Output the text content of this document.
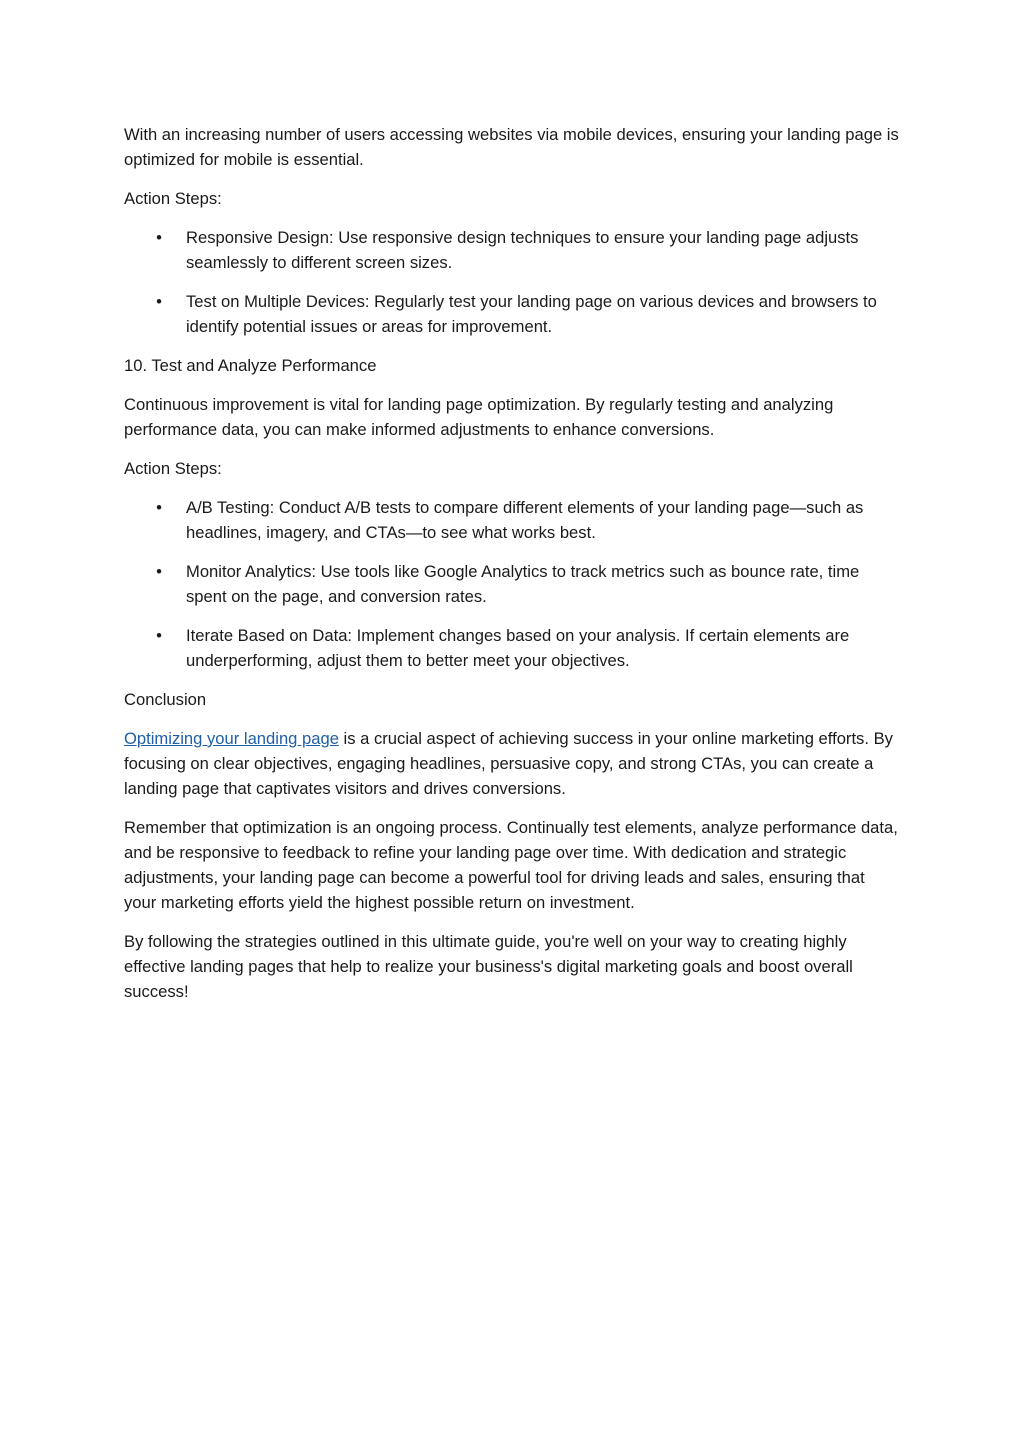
With an increasing number of users accessing websites via mobile devices, ensuring your landing page is optimized for mobile is essential.

Action Steps:

• Responsive Design: Use responsive design techniques to ensure your landing page adjusts seamlessly to different screen sizes.
• Test on Multiple Devices: Regularly test your landing page on various devices and browsers to identify potential issues or areas for improvement.

10. Test and Analyze Performance

Continuous improvement is vital for landing page optimization. By regularly testing and analyzing performance data, you can make informed adjustments to enhance conversions.

Action Steps:

• A/B Testing: Conduct A/B tests to compare different elements of your landing page—such as headlines, imagery, and CTAs—to see what works best.
• Monitor Analytics: Use tools like Google Analytics to track metrics such as bounce rate, time spent on the page, and conversion rates.
• Iterate Based on Data: Implement changes based on your analysis. If certain elements are underperforming, adjust them to better meet your objectives.

Conclusion

Optimizing your landing page is a crucial aspect of achieving success in your online marketing efforts. By focusing on clear objectives, engaging headlines, persuasive copy, and strong CTAs, you can create a landing page that captivates visitors and drives conversions.

Remember that optimization is an ongoing process. Continually test elements, analyze performance data, and be responsive to feedback to refine your landing page over time. With dedication and strategic adjustments, your landing page can become a powerful tool for driving leads and sales, ensuring that your marketing efforts yield the highest possible return on investment.

By following the strategies outlined in this ultimate guide, you're well on your way to creating highly effective landing pages that help to realize your business's digital marketing goals and boost overall success!
